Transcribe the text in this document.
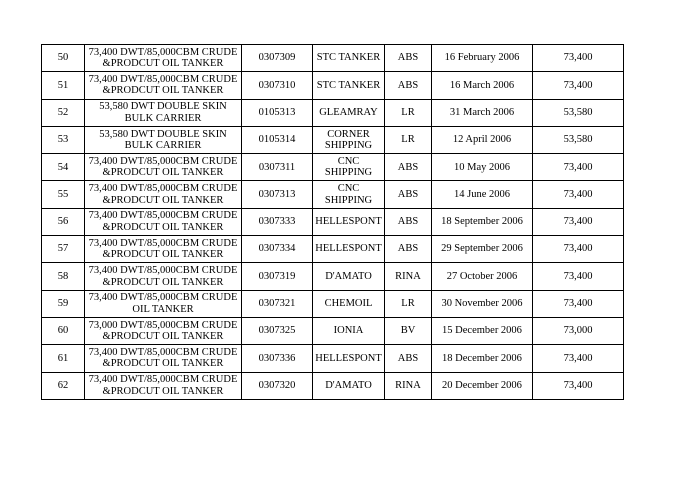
50	73,400 DWT/85,000CBM CRUDE &PRODCUT OIL TANKER	0307309	STC TANKER	ABS	16 February 2006	73,400
51	73,400 DWT/85,000CBM CRUDE &PRODCUT OIL TANKER	0307310	STC TANKER	ABS	16 March 2006	73,400
52	53,580 DWT DOUBLE SKIN BULK CARRIER	0105313	GLEAMRAY	LR	31 March 2006	53,580
53	53,580 DWT DOUBLE SKIN BULK CARRIER	0105314	CORNER SHIPPING	LR	12 April 2006	53,580
54	73,400 DWT/85,000CBM CRUDE &PRODCUT OIL TANKER	0307311	CNC SHIPPING	ABS	10 May 2006	73,400
55	73,400 DWT/85,000CBM CRUDE &PRODCUT OIL TANKER	0307313	CNC SHIPPING	ABS	14 June 2006	73,400
56	73,400 DWT/85,000CBM CRUDE &PRODCUT OIL TANKER	0307333	HELLESPONT	ABS	18 September 2006	73,400
57	73,400 DWT/85,000CBM CRUDE &PRODCUT OIL TANKER	0307334	HELLESPONT	ABS	29 September 2006	73,400
58	73,400 DWT/85,000CBM CRUDE &PRODCUT OIL TANKER	0307319	D'AMATO	RINA	27 October 2006	73,400
59	73,400 DWT/85,000CBM CRUDE OIL TANKER	0307321	CHEMOIL	LR	30 November 2006	73,400
60	73,000 DWT/85,000CBM CRUDE &PRODCUT OIL TANKER	0307325	IONIA	BV	15 December 2006	73,000
61	73,400 DWT/85,000CBM CRUDE &PRODCUT OIL TANKER	0307336	HELLESPONT	ABS	18 December 2006	73,400
62	73,400 DWT/85,000CBM CRUDE &PRODCUT OIL TANKER	0307320	D'AMATO	RINA	20 December 2006	73,400
